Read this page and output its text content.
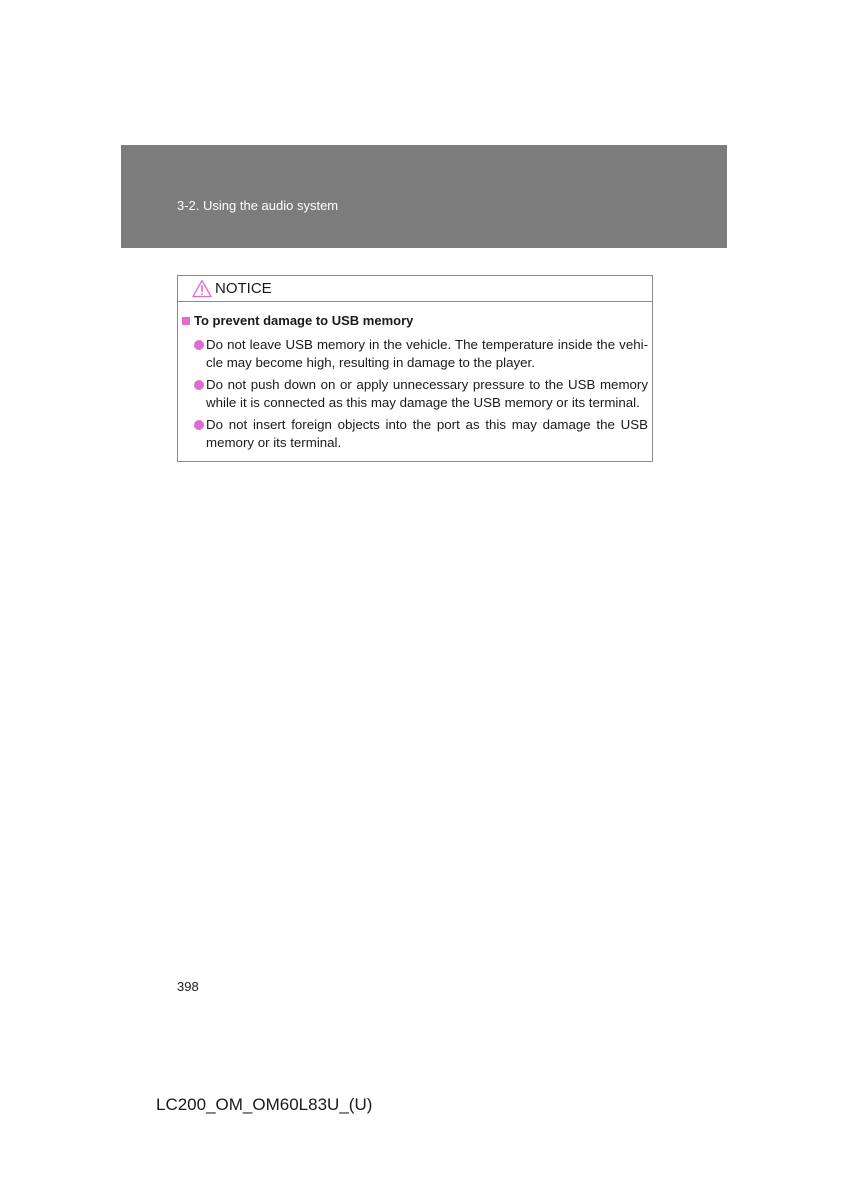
3-2. Using the audio system
NOTICE
To prevent damage to USB memory
Do not leave USB memory in the vehicle. The temperature inside the vehi-cle may become high, resulting in damage to the player.
Do not push down on or apply unnecessary pressure to the USB memory while it is connected as this may damage the USB memory or its terminal.
Do not insert foreign objects into the port as this may damage the USB memory or its terminal.
398
LC200_OM_OM60L83U_(U)
